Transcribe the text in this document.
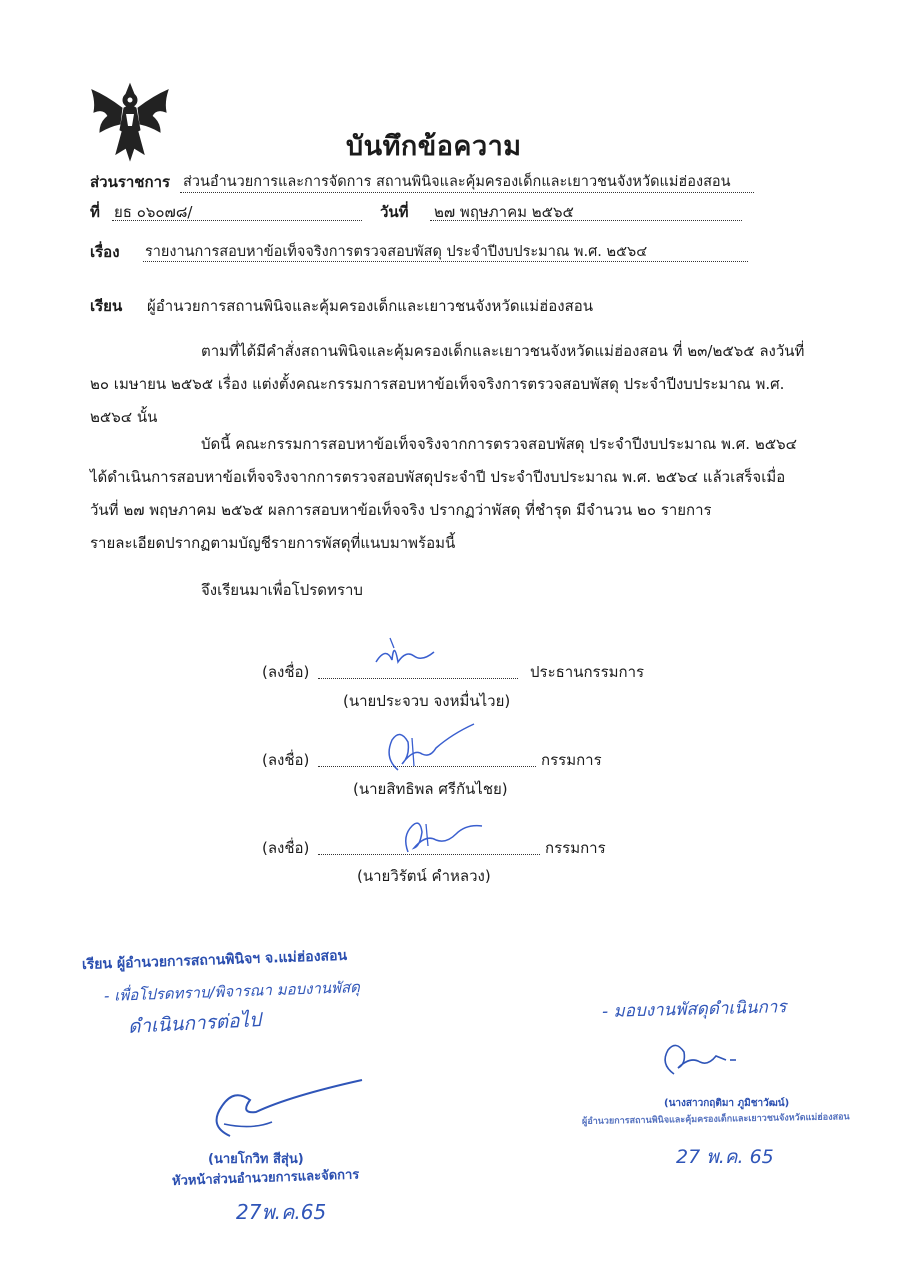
บันทึกข้อความ
ส่วนราชการ ส่วนอำนวยการและการจัดการ สถานพินิจและคุ้มครองเด็กและเยาวชนจังหวัดแม่ฮ่องสอน
ที่ ยธ ๐๖๐๗๘/	วันที่ ๒๗ พฤษภาคม ๒๕๖๕
เรื่อง รายงานการสอบหาข้อเท็จจริงการตรวจสอบพัสดุ ประจำปีงบประมาณ พ.ศ. ๒๕๖๔
เรียน ผู้อำนวยการสถานพินิจและคุ้มครองเด็กและเยาวชนจังหวัดแม่ฮ่องสอน
ตามที่ได้มีคำสั่งสถานพินิจและคุ้มครองเด็กและเยาวชนจังหวัดแม่ฮ่องสอน ที่ ๒๓/๒๕๖๕ ลงวันที่
๒๐ เมษายน ๒๕๖๕ เรื่อง แต่งตั้งคณะกรรมการสอบหาข้อเท็จจริงการตรวจสอบพัสดุ ประจำปีงบประมาณ พ.ศ.
๒๕๖๔ นั้น
บัดนี้ คณะกรรมการสอบหาข้อเท็จจริงจากการตรวจสอบพัสดุ ประจำปีงบประมาณ พ.ศ. ๒๕๖๔
ได้ดำเนินการสอบหาข้อเท็จจริงจากการตรวจสอบพัสดุประจำปี ประจำปีงบประมาณ พ.ศ. ๒๕๖๔ แล้วเสร็จเมื่อ
วันที่ ๒๗ พฤษภาคม ๒๕๖๕ ผลการสอบหาข้อเท็จจริง ปรากฏว่าพัสดุ ที่ชำรุด มีจำนวน ๒๐ รายการ
รายละเอียดปรากฏตามบัญชีรายการพัสดุที่แนบมาพร้อมนี้
จึงเรียนมาเพื่อโปรดทราบ
(ลงชื่อ)	ประธานกรรมการ
(นายประจวบ จงหมื่นไวย)
(ลงชื่อ)	กรรมการ
(นายสิทธิพล ศรีกันไชย)
(ลงชื่อ)	กรรมการ
(นายวิรัตน์ คำหลวง)
เรียน ผู้อำนวยการสถานพินิจฯ จ.แม่ฮ่องสอน
- เพื่อโปรดทราบ/พิจารณา มอบงานพัสดุ
ดำเนินการต่อไป
(นายโกวิท สีสุ่น)
หัวหน้าส่วนอำนวยการและจัดการ
27พ.ค.65
- มอบงานพัสดุดำเนินการ
(นางสาวกฤติมา ภูมิชาวัฒน์)
ผู้อำนวยการสถานพินิจและคุ้มครองเด็กและเยาวชนจังหวัดแม่ฮ่องสอน
27 พ.ค. 65
